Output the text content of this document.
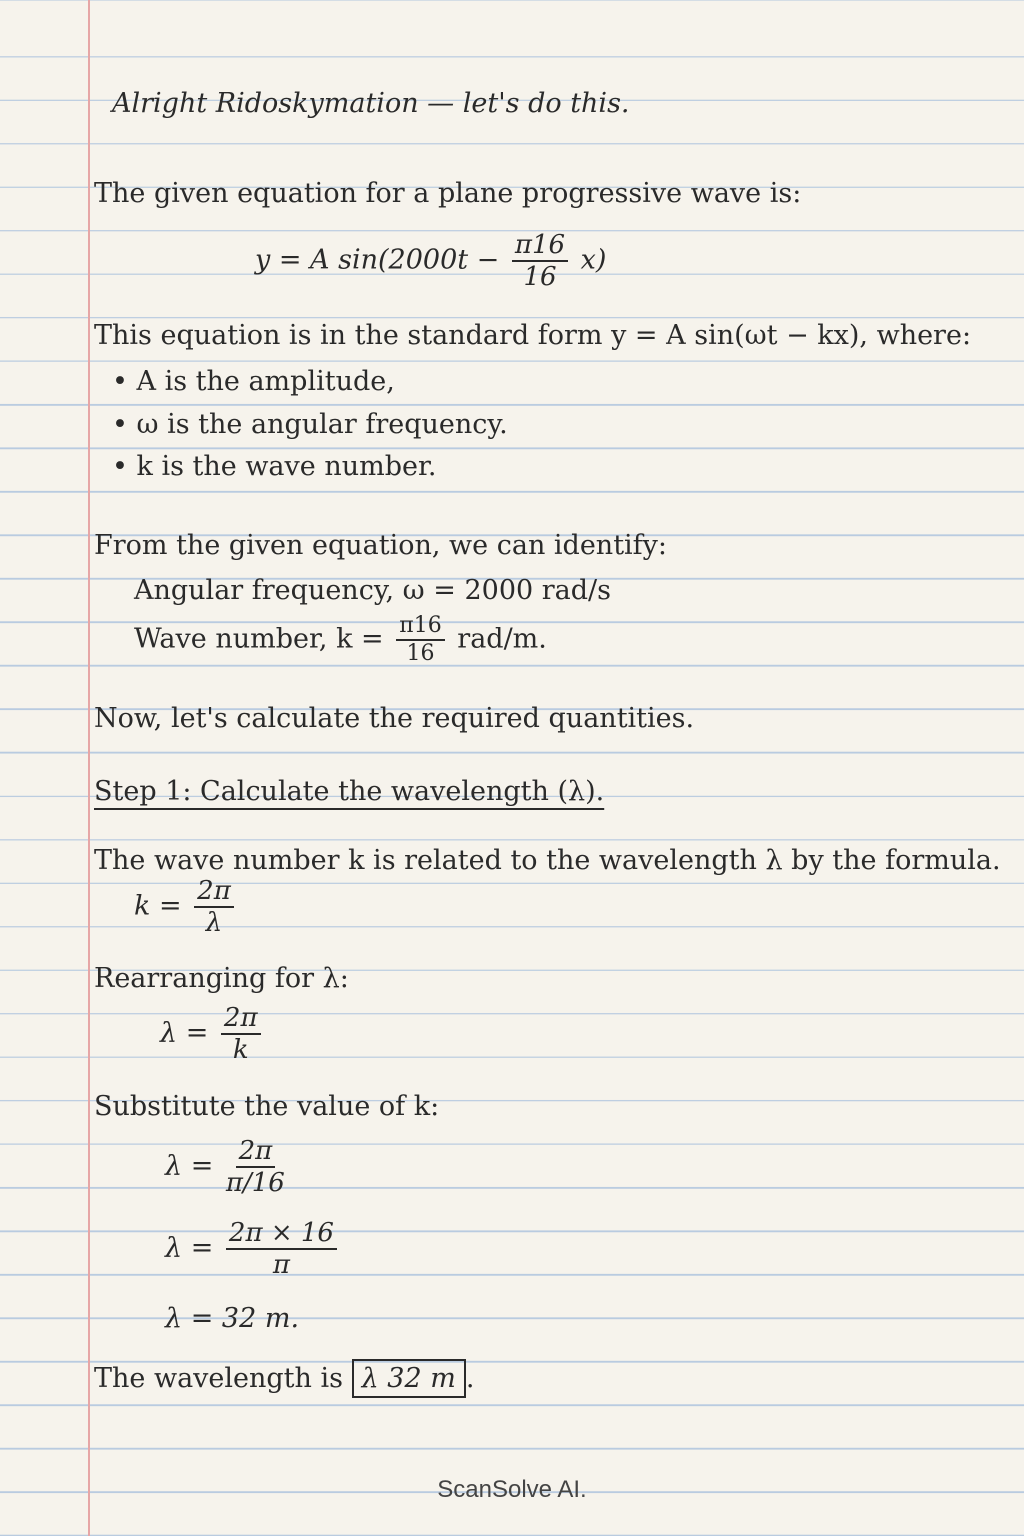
Alright Ridoskymation — let's do this.
The given equation for a plane progressive wave is:
y = A $\sin(2000t - \frac{\pi 16}{16} x)$
This equation is in the standard form y = A sin(ωt − kx), where:
• A is the amplitude,
• ω is the angular frequency.
• k is the wave number.
From the given equation, we can identify:
Angular frequency, ω = 2000 rad/s
Wave number, $k = \frac{\pi 16}{16} rad/m$.
Now, let's calculate the required quantities.
Step 1: Calculate the wavelength (λ).
The wave number k is related to the wavelength λ by the formula.
$k = \frac{2\pi}{\lambda}$
Rearranging for λ:
$\lambda = \frac{2\pi}{k}$
Substitute the value of k:
$\lambda = \frac{2\pi}{\pi/16}$
$\lambda = \frac{2\pi \times 16}{\pi}$
λ = 32 m.
The wavelength is λ 32 m .
ScanSolve AI.
